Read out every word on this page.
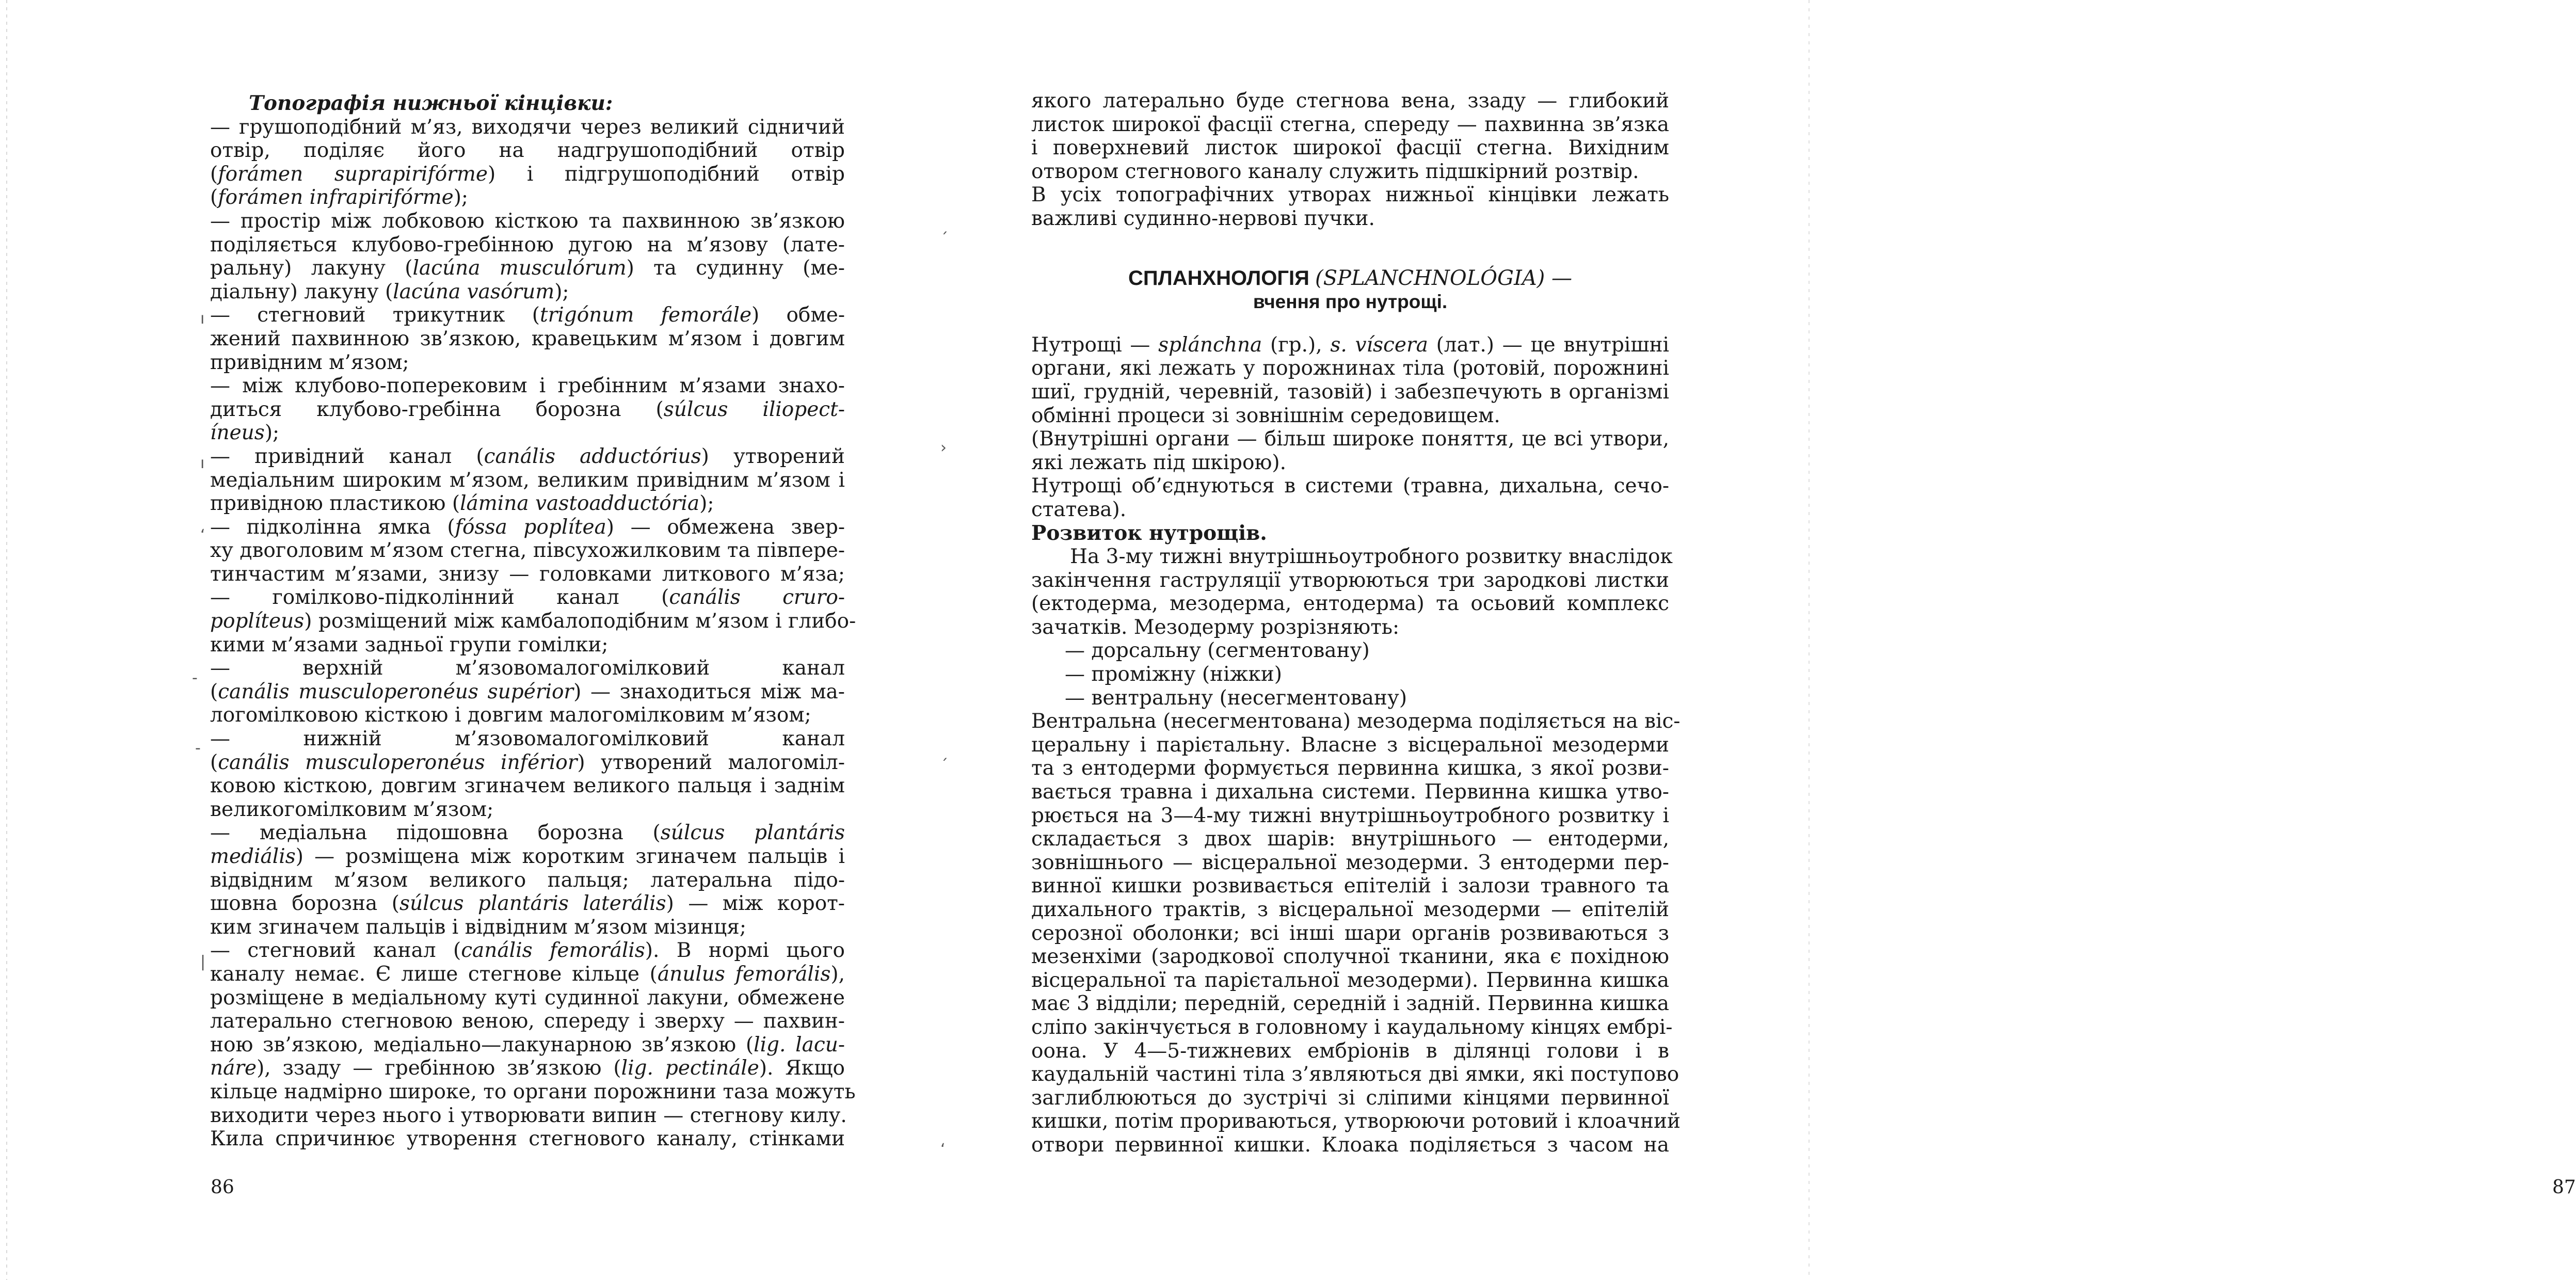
Топографія нижньої кінцівки:
— грушоподібний м’яз, виходячи через великий сідничий
отвір, поділяє його на надгрушоподібний отвір
(forámen suprapirifórme) і підгрушоподібний отвір
(forámen infrapirifórme);
— простір між лобковою кісткою та пахвинною зв’язкою
поділяється клубово-гребінною дугою на м’язову (лате-
ральну) лакуну (lacúna musculórum) та судинну (ме-
діальну) лакуну (lacúna vasórum);
— стегновий трикутник (trigónum femorále) обме-
жений пахвинною зв’язкою, кравецьким м’язом і довгим
привідним м’язом;
— між клубово-поперековим і гребінним м’язами знахо-
диться клубово-гребінна борозна (súlcus iliopect-
íneus);
— привідний канал (canális adductórius) утворений
медіальним широким м’язом, великим привідним м’язом і
привідною пластикою (lámina vastoadductória);
— підколінна ямка (fóssa poplítea) — обмежена звер-
ху двоголовим м’язом стегна, півсухожилковим та півпере-
тинчастим м’язами, знизу — головками литкового м’яза;
— гомілково-підколінний канал (canális cruro-
poplíteus) розміщений між камбалоподібним м’язом і глибо-
кими м’язами задньої групи гомілки;
— верхній м’язовомалогомілковий канал
(canális musculoperonéus supérior) — знаходиться між ма-
логомілковою кісткою і довгим малогомілковим м’язом;
— нижній м’язовомалогомілковий канал
(canális musculoperonéus inférior) утворений малогоміл-
ковою кісткою, довгим згиначем великого пальця і заднім
великогомілковим м’язом;
— медіальна підошовна борозна (súlcus plantáris
mediális) — розміщена між коротким згиначем пальців і
відвідним м’язом великого пальця; латеральна підо-
шовна борозна (súlcus plantáris laterális) — між корот-
ким згиначем пальців і відвідним м’язом мізинця;
— стегновий канал (canális femorális). В нормі цього
каналу немає. Є лише стегнове кільце (ánulus femorális),
розміщене в медіальному куті судинної лакуни, обмежене
латерально стегновою веною, спереду і зверху — пахвин-
ною зв’язкою, медіально—лакунарною зв’язкою (lig. lacu-
náre), ззаду — гребінною зв’язкою (lig. pectinále). Якщо
кільце надмірно широке, то органи порожнини таза можуть
виходити через нього і утворювати випин — стегнову килу.
Кила спричинює утворення стегнового каналу, стінками
ı
ı
ʻ
-
-
|
ˏ
›
ˏ
ʻ
86
якого латерально буде стегнова вена, ззаду — глибокий
листок широкої фасції стегна, спереду — пахвинна зв’язка
і поверхневий листок широкої фасції стегна. Вихідним
отвором стегнового каналу служить підшкірний розтвір.
В усіх топографічних утворах нижньої кінцівки лежать
важливі судинно-нервові пучки.
СПЛАНХНОЛОГІЯ (SPLANCHNOLÓGIA) —
вчення про нутрощі.
Нутрощі — splánchna (гр.), s. víscera (лат.) — це внутрішні
органи, які лежать у порожнинах тіла (ротовій, порожнині
шиї, грудній, черевній, тазовій) і забезпечують в організмі
обмінні процеси зі зовнішнім середовищем.
(Внутрішні органи — більш широке поняття, це всі утвори,
які лежать під шкірою).
Нутрощі об’єднуються в системи (травна, дихальна, сечо-
статева).
Розвиток нутрощів.
На 3-му тижні внутрішньоутробного розвитку внаслідок
закінчення гаструляції утворюються три зародкові листки
(ектодерма, мезодерма, ентодерма) та осьовий комплекс
зачатків. Мезодерму розрізняють:
— дорсальну (сегментовану)
— проміжну (ніжки)
— вентральну (несегментовану)
Вентральна (несегментована) мезодерма поділяється на віс-
церальну і парієтальну. Власне з вісцеральної мезодерми
та з ентодерми формується первинна кишка, з якої розви-
вається травна і дихальна системи. Первинна кишка утво-
рюється на 3—4-му тижні внутрішньоутробного розвитку і
складається з двох шарів: внутрішнього — ентодерми,
зовнішнього — вісцеральної мезодерми. З ентодерми пер-
винної кишки розвивається епітелій і залози травного та
дихального трактів, з вісцеральної мезодерми — епітелій
серозної оболонки; всі інші шари органів розвиваються з
мезенхіми (зародкової сполучної тканини, яка є похідною
вісцеральної та парієтальної мезодерми). Первинна кишка
має 3 відділи; передній, середній і задній. Первинна кишка
сліпо закінчується в головному і каудальному кінцях ембрі-
оона. У 4—5-тижневих ембріонів в ділянці голови і в
каудальній частині тіла з’являються дві ямки, які поступово
заглиблюються до зустрічі зі сліпими кінцями первинної
кишки, потім прориваються, утворюючи ротовий і клоачний
отвори первинної кишки. Клоака поділяється з часом на
87
